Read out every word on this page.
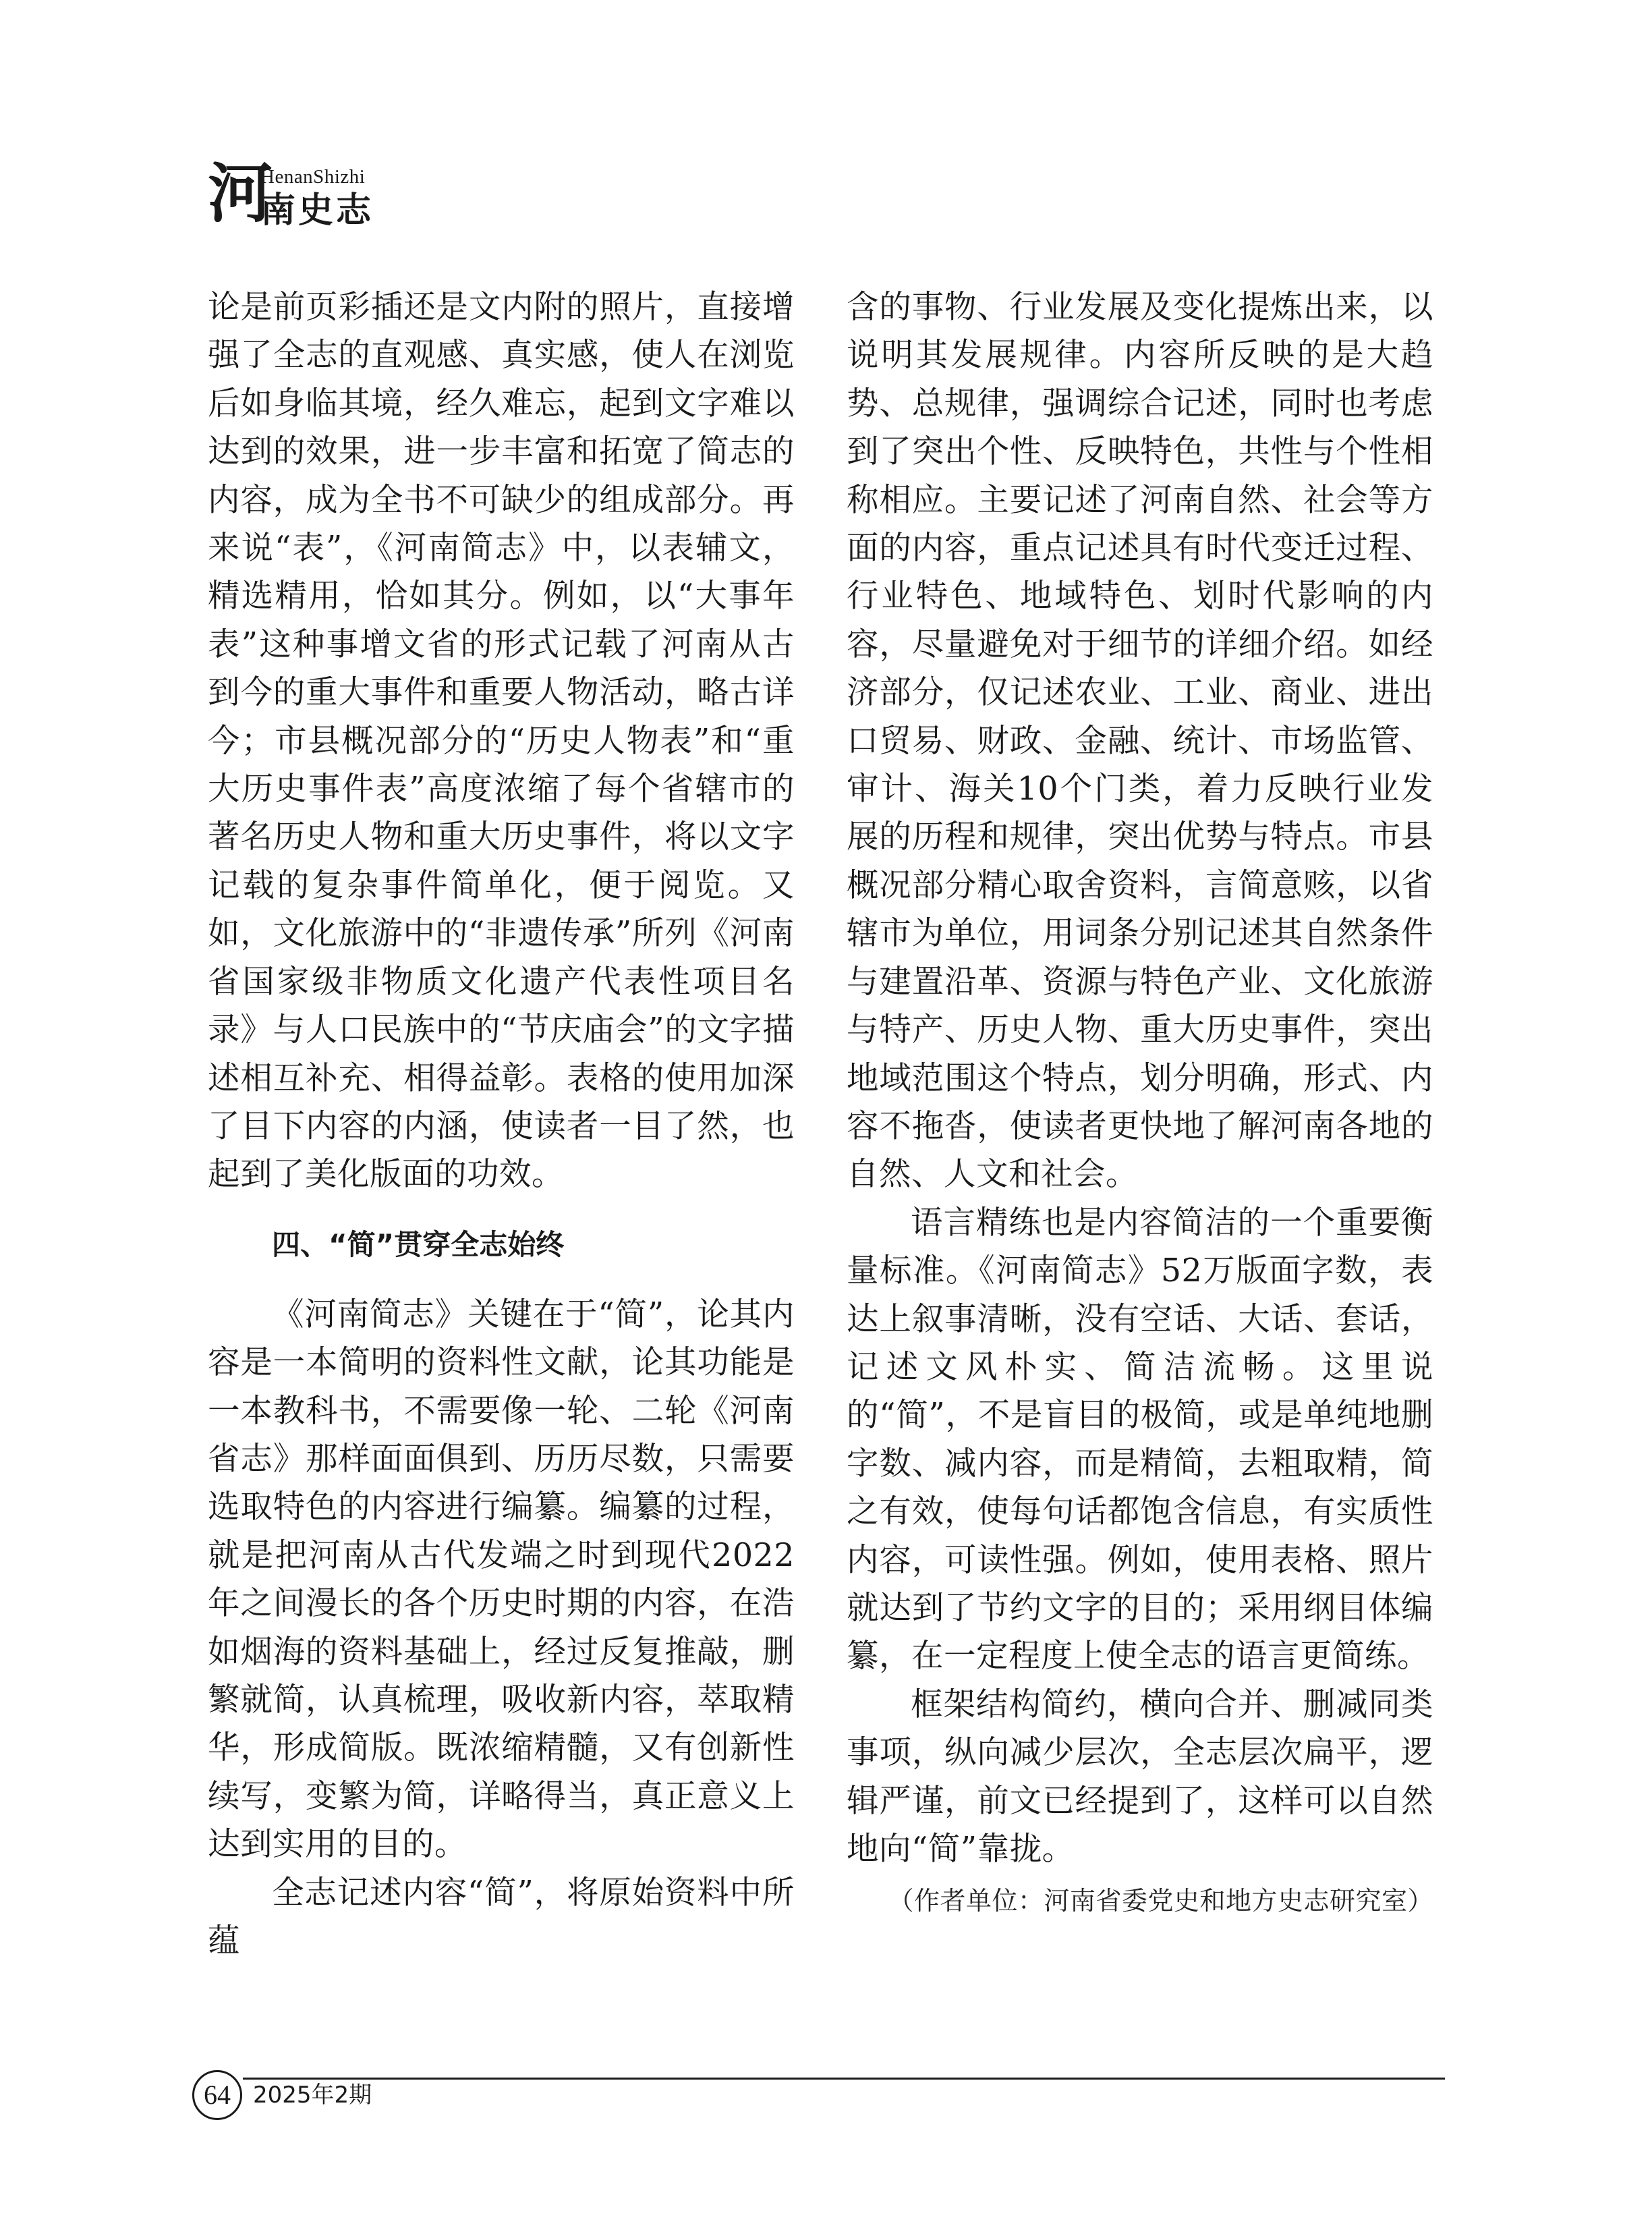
河
HenanShizhi
南史志

论是前页彩插还是文内附的照片，直接增强了全志的直观感、真实感，使人在浏览后如身临其境，经久难忘，起到文字难以达到的效果，进一步丰富和拓宽了简志的内容，成为全书不可缺少的组成部分。再来说“表”，《河南简志》中，以表辅文，精选精用，恰如其分。例如，以“大事年表”这种事增文省的形式记载了河南从古到今的重大事件和重要人物活动，略古详今；市县概况部分的“历史人物表”和“重大历史事件表”高度浓缩了每个省辖市的著名历史人物和重大历史事件，将以文字记载的复杂事件简单化，便于阅览。又如，文化旅游中的“非遗传承”所列《河南省国家级非物质文化遗产代表性项目名录》与人口民族中的“节庆庙会”的文字描述相互补充、相得益彰。表格的使用加深了目下内容的内涵，使读者一目了然，也起到了美化版面的功效。

四、“简”贯穿全志始终

《河南简志》关键在于“简”，论其内容是一本简明的资料性文献，论其功能是一本教科书，不需要像一轮、二轮《河南省志》那样面面俱到、历历尽数，只需要选取特色的内容进行编纂。编纂的过程，就是把河南从古代发端之时到现代2022年之间漫长的各个历史时期的内容，在浩如烟海的资料基础上，经过反复推敲，删繁就简，认真梳理，吸收新内容，萃取精华，形成简版。既浓缩精髓，又有创新性续写，变繁为简，详略得当，真正意义上达到实用的目的。

全志记述内容“简”，将原始资料中所蕴

含的事物、行业发展及变化提炼出来，以说明其发展规律。内容所反映的是大趋势、总规律，强调综合记述，同时也考虑到了突出个性、反映特色，共性与个性相称相应。主要记述了河南自然、社会等方面的内容，重点记述具有时代变迁过程、行业特色、地域特色、划时代影响的内容，尽量避免对于细节的详细介绍。如经济部分，仅记述农业、工业、商业、进出口贸易、财政、金融、统计、市场监管、审计、海关10个门类，着力反映行业发展的历程和规律，突出优势与特点。市县概况部分精心取舍资料，言简意赅，以省辖市为单位，用词条分别记述其自然条件与建置沿革、资源与特色产业、文化旅游与特产、历史人物、重大历史事件，突出地域范围这个特点，划分明确，形式、内容不拖沓，使读者更快地了解河南各地的自然、人文和社会。

语言精练也是内容简洁的一个重要衡量标准。《河南简志》52万版面字数，表达上叙事清晰，没有空话、大话、套话，记述文风朴实、简洁流畅。这里说的“简”，不是盲目的极简，或是单纯地删字数、减内容，而是精简，去粗取精，简之有效，使每句话都饱含信息，有实质性内容，可读性强。例如，使用表格、照片就达到了节约文字的目的；采用纲目体编纂，在一定程度上使全志的语言更简练。

框架结构简约，横向合并、删减同类事项，纵向减少层次，全志层次扁平，逻辑严谨，前文已经提到了，这样可以自然地向“简”靠拢。

（作者单位：河南省委党史和地方史志研究室）

64 2025年2期
